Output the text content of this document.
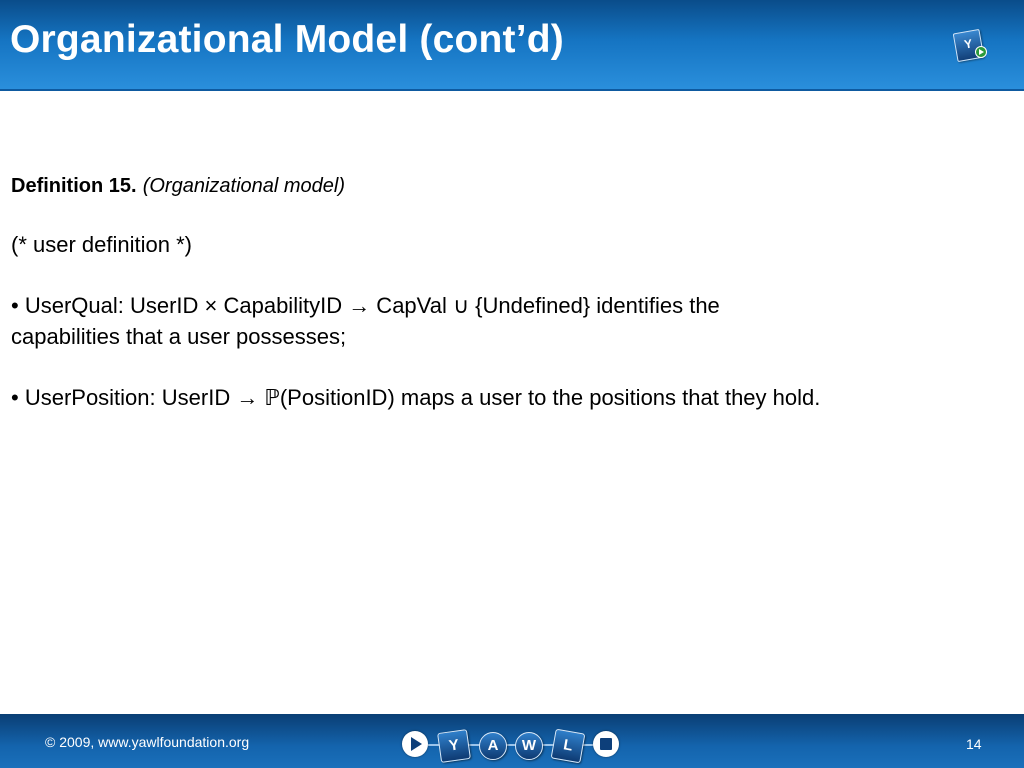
Organizational Model (cont’d)	Y
Definition 15. (Organizational model)
(* user definition *)
• UserQual: UserID × CapabilityID → CapVal ∪ {Undefined} identifies the
capabilities that a user possesses;
• UserPosition: UserID → ℙ(PositionID) maps a user to the positions that they hold.
© 2009, www.yawlfoundation.org	Y	A	W	L	14
